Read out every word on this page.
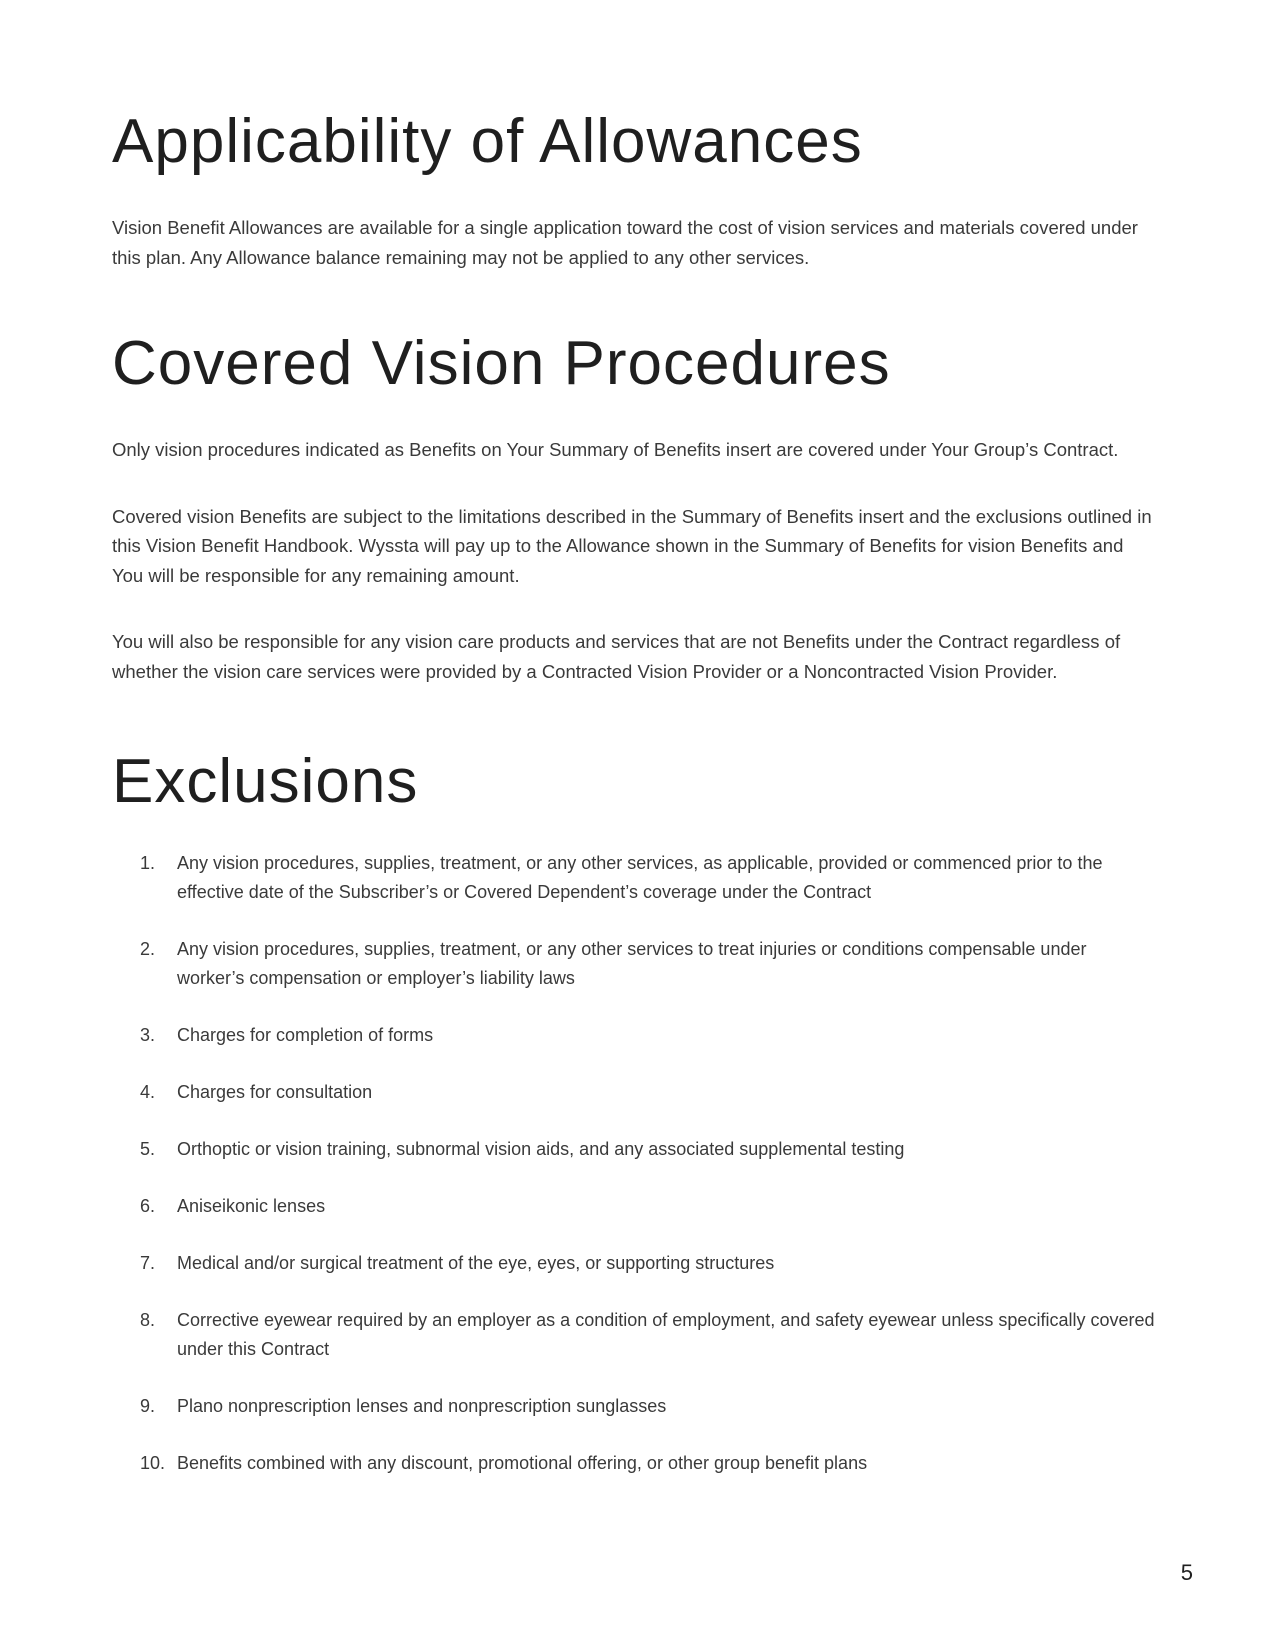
Applicability of Allowances

Vision Benefit Allowances are available for a single application toward the cost of vision services and materials covered under this plan. Any Allowance balance remaining may not be applied to any other services.

Covered Vision Procedures

Only vision procedures indicated as Benefits on Your Summary of Benefits insert are covered under Your Group’s Contract.

Covered vision Benefits are subject to the limitations described in the Summary of Benefits insert and the exclusions outlined in this Vision Benefit Handbook. Wyssta will pay up to the Allowance shown in the Summary of Benefits for vision Benefits and You will be responsible for any remaining amount.

You will also be responsible for any vision care products and services that are not Benefits under the Contract regardless of whether the vision care services were provided by a Contracted Vision Provider or a Noncontracted Vision Provider.

Exclusions
1.	Any vision procedures, supplies, treatment, or any other services, as applicable, provided or commenced prior to the effective date of the Subscriber’s or Covered Dependent’s coverage under the Contract
2.	Any vision procedures, supplies, treatment, or any other services to treat injuries or conditions compensable under worker’s compensation or employer’s liability laws
3.	Charges for completion of forms
4.	Charges for consultation
5.	Orthoptic or vision training, subnormal vision aids, and any associated supplemental testing
6.	Aniseikonic lenses
7.	Medical and/or surgical treatment of the eye, eyes, or supporting structures
8.	Corrective eyewear required by an employer as a condition of employment, and safety eyewear unless specifically covered under this Contract
9.	Plano nonprescription lenses and nonprescription sunglasses
10. Benefits combined with any discount, promotional offering, or other group benefit plans
5
